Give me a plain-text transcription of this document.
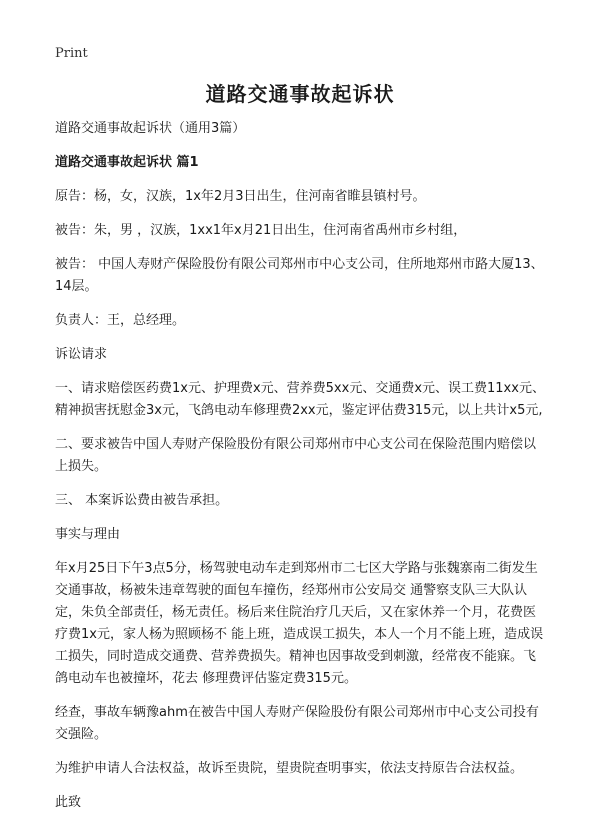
Print
道路交通事故起诉状

道路交通事故起诉状（通用3篇）

道路交通事故起诉状 篇1

原告：杨，女，汉族，1x年2月3日出生，住河南省睢县镇村号。

被告：朱，男 ，汉族，1xx1年x月21日出生，住河南省禹州市乡村组，

被告： 中国人寿财产保险股份有限公司郑州市中心支公司，住所地郑州市路大厦13、14层。

负责人：王，总经理。

诉讼请求

一、请求赔偿医药费1x元、护理费x元、营养费5xx元、交通费x元、误工费11xx元、精神损害抚慰金3x元，飞鸽电动车修理费2xx元，鉴定评估费315元，以上共计x5元,

二、要求被告中国人寿财产保险股份有限公司郑州市中心支公司在保险范围内赔偿以上损失。

三、 本案诉讼费由被告承担。

事实与理由

年x月25日下午3点5分，杨驾驶电动车走到郑州市二七区大学路与张魏寨南二街发生交通事故，杨被朱违章驾驶的面包车撞伤，经郑州市公安局交 通警察支队三大队认定，朱负全部责任，杨无责任。杨后来住院治疗几天后，又在家休养一个月，花费医疗费1x元，家人杨为照顾杨不 能上班，造成误工损失，本人一个月不能上班，造成误工损失，同时造成交通费、营养费损失。精神也因事故受到刺激，经常夜不能寐。飞鸽电动车也被撞坏，花去 修理费评估鉴定费315元。

经查，事故车辆豫ahm在被告中国人寿财产保险股份有限公司郑州市中心支公司投有交强险。

为维护申请人合法权益，故诉至贵院，望贵院查明事实，依法支持原告合法权益。

此致
